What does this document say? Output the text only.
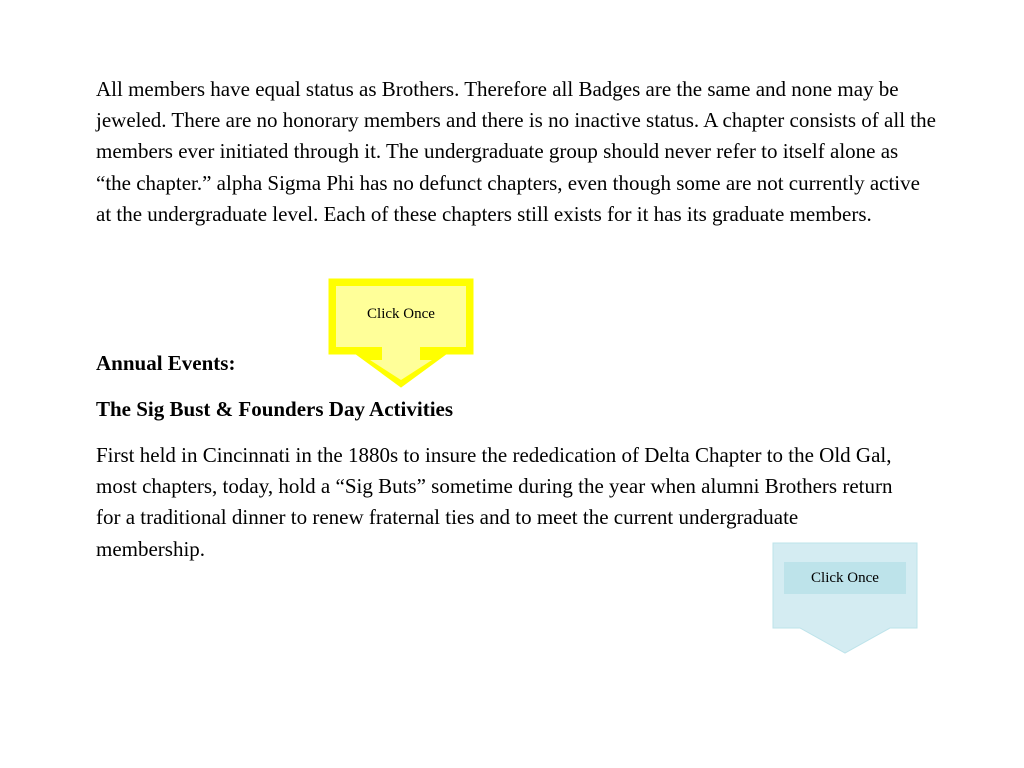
All members have equal status as Brothers. Therefore all Badges are the same and none may be jeweled. There are no honorary members and there is no inactive status. A chapter consists of all the members ever initiated through it. The undergraduate group should never refer to itself alone as “the chapter.” alpha Sigma Phi has no defunct chapters, even though some are not currently active at the undergraduate level. Each of these chapters still exists for it has its graduate members.

Annual Events:

The Sig Bust & Founders Day Activities

First held in Cincinnati in the 1880s to insure the rededication of Delta Chapter to the Old Gal, most chapters, today, hold a “Sig Buts” sometime during the year when alumni Brothers return for a traditional dinner to renew fraternal ties and to meet the current undergraduate membership.

Click Once
Click Once
